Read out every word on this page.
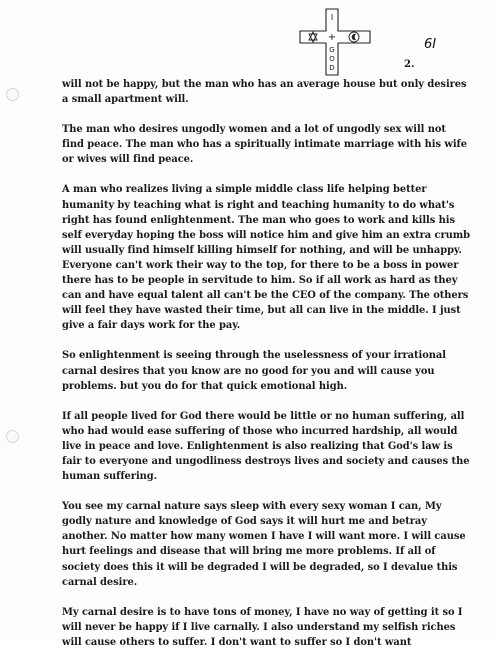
I
+
G
O
D
6I
2.

will not be happy, but the man who has an average house but only desires a small apartment will.

The man who desires ungodly women and a lot of ungodly sex will not find peace. The man who has a spiritually intimate marriage with his wife or wives will find peace.

A man who realizes living a simple middle class life helping better humanity by teaching what is right and teaching humanity to do what's right has found enlightenment. The man who goes to work and kills his self everyday hoping the boss will notice him and give him an extra crumb will usually find himself killing himself for nothing, and will be unhappy. Everyone can't work their way to the top, for there to be a boss in power there has to be people in servitude to him. So if all work as hard as they can and have equal talent all can't be the CEO of the company. The others will feel they have wasted their time, but all can live in the middle. I just give a fair days work for the pay.

So enlightenment is seeing through the uselessness of your irrational carnal desires that you know are no good for you and will cause you problems. but you do for that quick emotional high.

If all people lived for God there would be little or no human suffering, all who had would ease suffering of those who incurred hardship, all would live in peace and love. Enlightenment is also realizing that God's law is fair to everyone and ungodliness destroys lives and society and causes the human suffering.

You see my carnal nature says sleep with every sexy woman I can, My godly nature and knowledge of God says it will hurt me and betray another. No matter how many women I have I will want more. I will cause hurt feelings and disease that will bring me more problems. If all of society does this it will be degraded I will be degraded, so I devalue this carnal desire.

My carnal desire is to have tons of money, I have no way of getting it so I will never be happy if I live carnally. I also understand my selfish riches will cause others to suffer. I don't want to suffer so I don't want
